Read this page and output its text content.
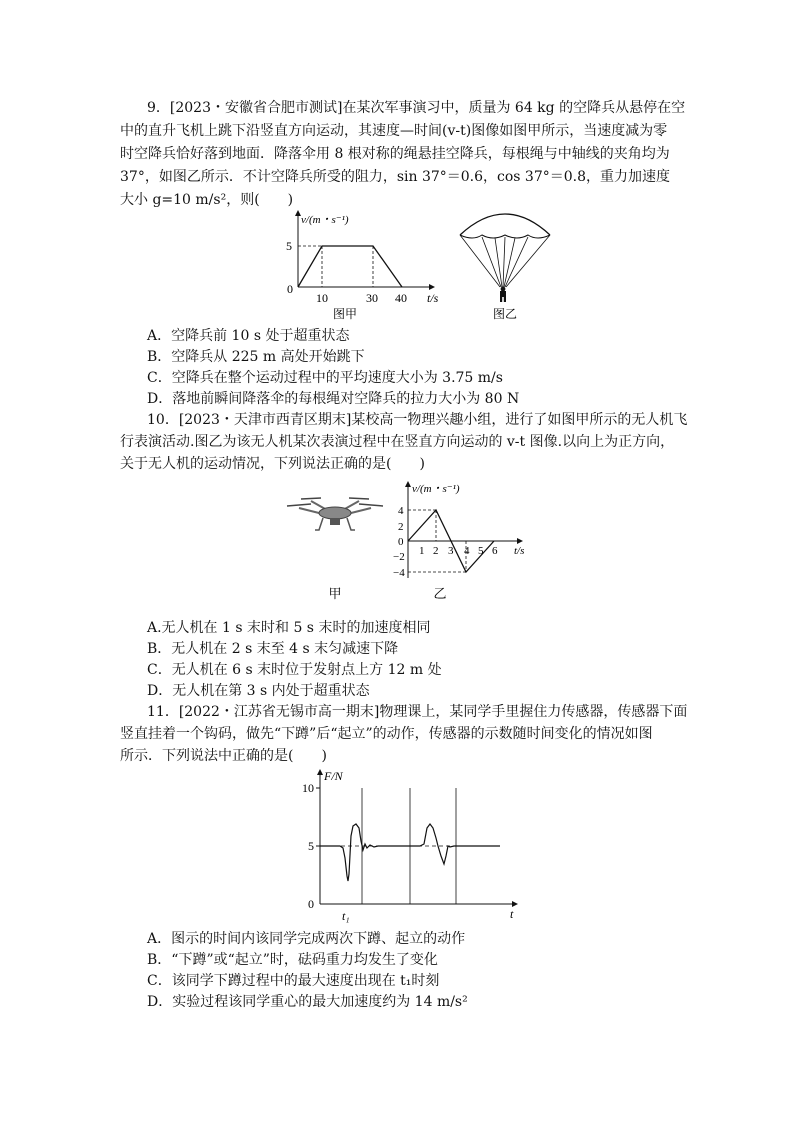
9．[2023・安徽省合肥市测试]在某次军事演习中，质量为 64 kg 的空降兵从悬停在空
中的直升飞机上跳下沿竖直方向运动，其速度—时间(v-t)图像如图甲所示，当速度减为零
时空降兵恰好落到地面．降落伞用 8 根对称的绳悬挂空降兵，每根绳与中轴线的夹角均为
37°，如图乙所示．不计空降兵所受的阻力，sin 37°＝0.6，cos 37°＝0.8，重力加速度
大小 g=10 m/s²，则(　　)
v/(m・s⁻¹)
5
0
10	30 40 t/s
图甲	图乙
A．空降兵前 10 s 处于超重状态
B．空降兵从 225 m 高处开始跳下
C．空降兵在整个运动过程中的平均速度大小为 3.75 m/s
D．落地前瞬间降落伞的每根绳对空降兵的拉力大小为 80 N
10．[2023・天津市西青区期末]某校高一物理兴趣小组，进行了如图甲所示的无人机飞
行表演活动.图乙为该无人机某次表演过程中在竖直方向运动的 v-t 图像.以向上为正方向，
关于无人机的运动情况，下列说法正确的是(　　)
甲
v/(m・s⁻¹)
4
2
0
−2
−4
1 2 3 4 5 6 t/s
乙
A.无人机在 1 s 末时和 5 s 末时的加速度相同
B．无人机在 2 s 末至 4 s 末匀减速下降
C．无人机在 6 s 末时位于发射点上方 12 m 处
D．无人机在第 3 s 内处于超重状态
11．[2022・江苏省无锡市高一期末]物理课上，某同学手里握住力传感器，传感器下面
竖直挂着一个钩码，做先“下蹲”后“起立”的动作，传感器的示数随时间变化的情况如图
所示．下列说法中正确的是(　　)
F/N
10
5
0
t₁	t
A．图示的时间内该同学完成两次下蹲、起立的动作
B．“下蹲”或“起立”时，砝码重力均发生了变化
C．该同学下蹲过程中的最大速度出现在 t₁时刻
D．实验过程该同学重心的最大加速度约为 14 m/s²
